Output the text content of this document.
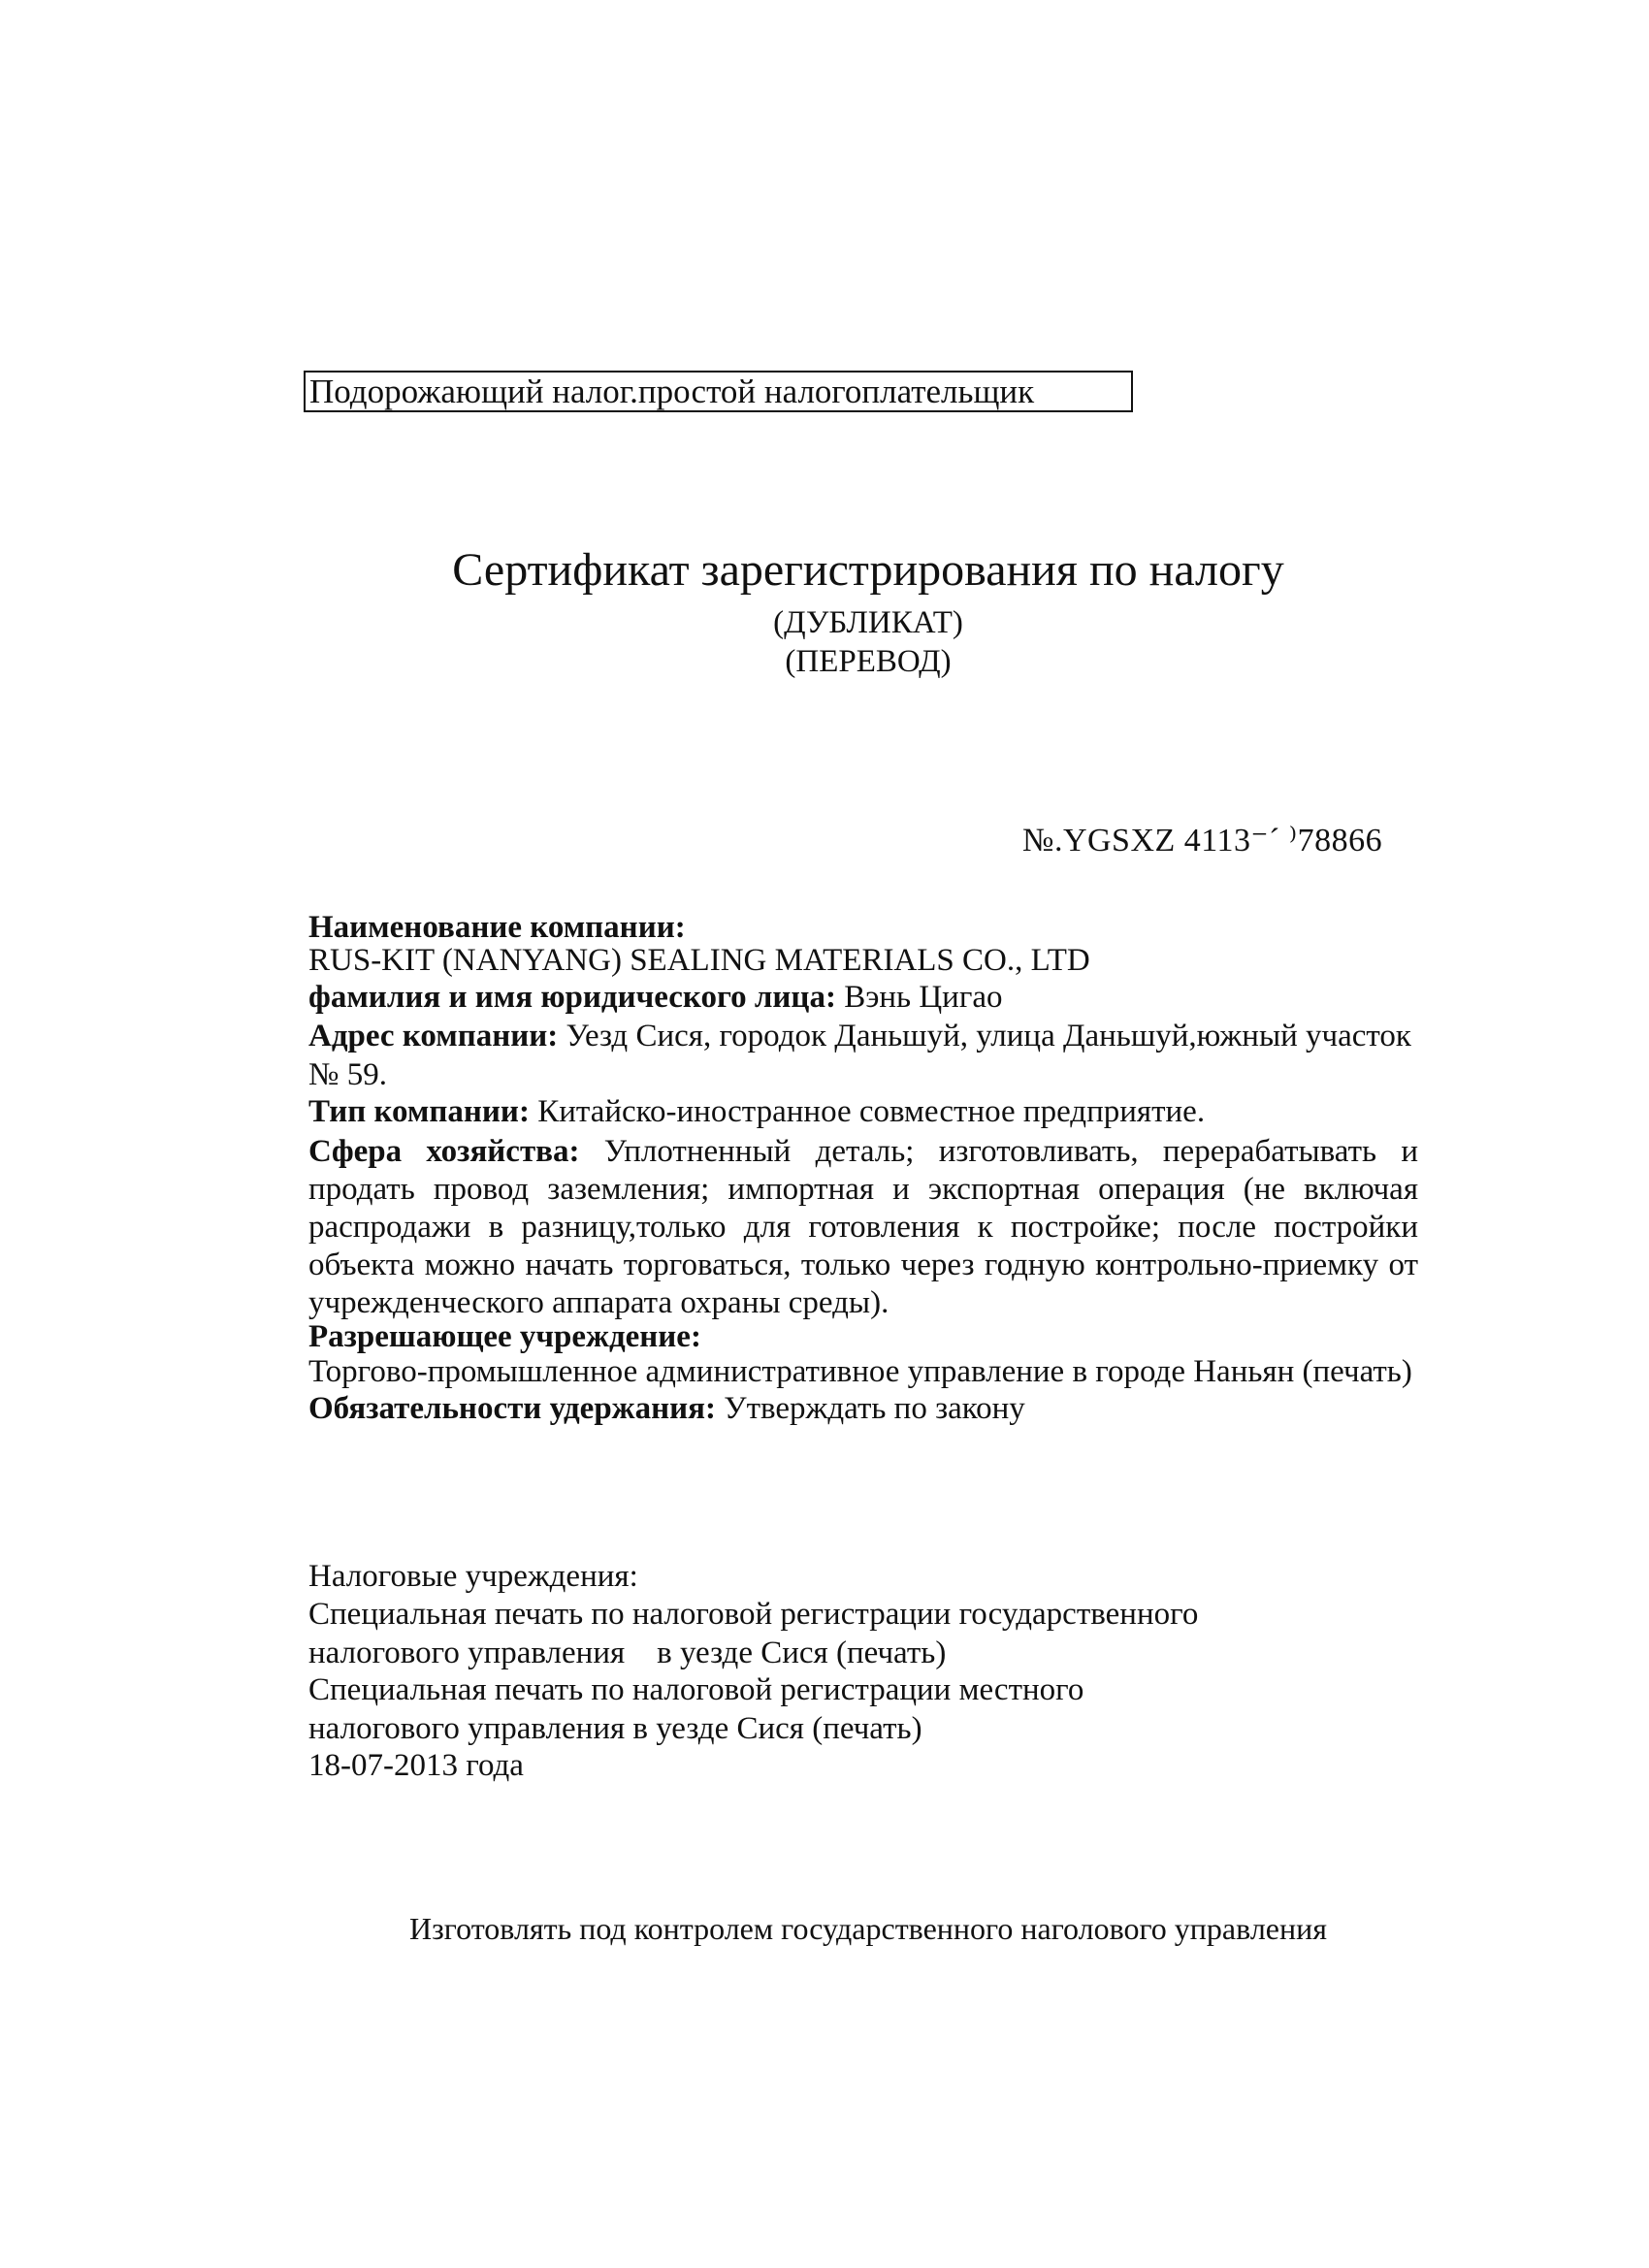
Подорожающий налог.простой налогоплательщик
Сертификат зарегистрирования по налогу
(ДУБЛИКАТ)
(ПЕРЕВОД)
№.YGSXZ 4113⁻´ ⁾78866
Наименование компании:
RUS-KIT (NANYANG) SEALING MATERIALS CO., LTD
фамилия и имя юридического лица: Вэнь Цигао
Адрес компании: Уезд Сися, городок Даньшуй, улица Даньшуй,южный участок
№ 59.
Тип компании: Китайско-иностранное совместное предприятие.
Сфера хозяйства: Уплотненный деталь; изготовливать, перерабатывать и продать провод заземления; импортная и экспортная операция (не включая распродажи в разницу,только для готовления к постройке; после постройки объекта можно начать торговаться, только через годную контрольно-приемку от учрежденческого аппарата охраны среды).
Разрешающее учреждение:
Торгово-промышленное административное управление в городе Наньян (печать)
Обязательности удержания: Утверждать по закону
Налоговые учреждения:
Специальная печать по налоговой регистрации государственного
налогового управления    в уезде Сися (печать)
Специальная печать по налоговой регистрации местного
налогового управления в уезде Сися (печать)
18-07-2013 года
Изготовлять под контролем государственного наголового управления
